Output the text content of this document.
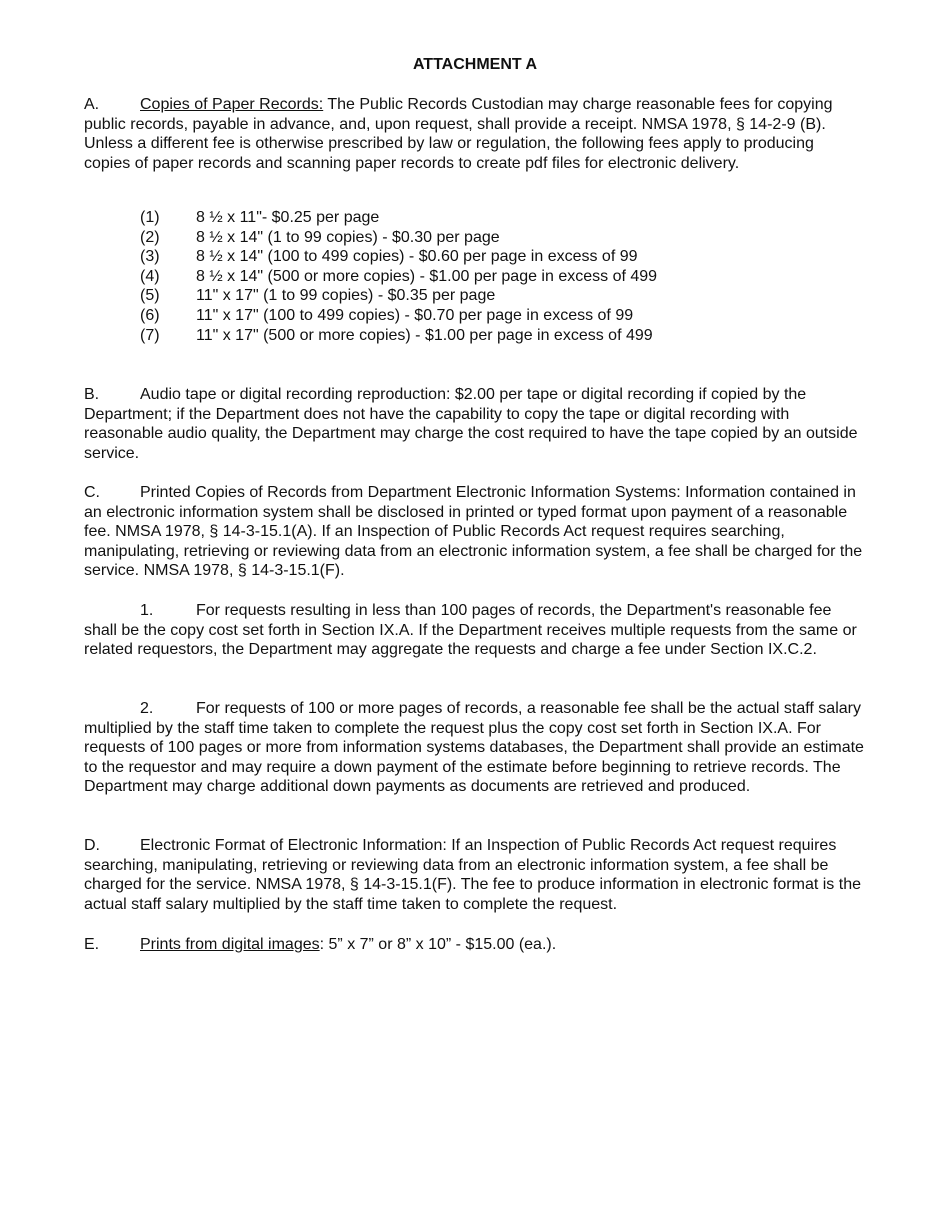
ATTACHMENT A

A.	Copies of Paper Records: The Public Records Custodian may charge reasonable fees for copying public records, payable in advance, and, upon request, shall provide a receipt. NMSA 1978, § 14-2-9 (B). Unless a different fee is otherwise prescribed by law or regulation, the following fees apply to producing copies of paper records and scanning paper records to create pdf files for electronic delivery.

(1)	8 ½ x 11"- $0.25 per page
(2)	8 ½ x 14" (1 to 99 copies) - $0.30 per page
(3)	8 ½ x 14" (100 to 499 copies) - $0.60 per page in excess of 99
(4)	8 ½ x 14" (500 or more copies) - $1.00 per page in excess of 499
(5)	11" x 17" (1 to 99 copies) - $0.35 per page
(6)	11" x 17" (100 to 499 copies) - $0.70 per page in excess of 99
(7)	11" x 17" (500 or more copies) - $1.00 per page in excess of 499

B.	Audio tape or digital recording reproduction: $2.00 per tape or digital recording if copied by the Department; if the Department does not have the capability to copy the tape or digital recording with reasonable audio quality, the Department may charge the cost required to have the tape copied by an outside service.

C.	Printed Copies of Records from Department Electronic Information Systems: Information contained in an electronic information system shall be disclosed in printed or typed format upon payment of a reasonable fee. NMSA 1978, § 14-3-15.1(A). If an Inspection of Public Records Act request requires searching, manipulating, retrieving or reviewing data from an electronic information system, a fee shall be charged for the service. NMSA 1978, § 14-3-15.1(F).

1.	For requests resulting in less than 100 pages of records, the Department's reasonable fee shall be the copy cost set forth in Section IX.A. If the Department receives multiple requests from the same or related requestors, the Department may aggregate the requests and charge a fee under Section IX.C.2.

2.	For requests of 100 or more pages of records, a reasonable fee shall be the actual staff salary multiplied by the staff time taken to complete the request plus the copy cost set forth in Section IX.A. For requests of 100 pages or more from information systems databases, the Department shall provide an estimate to the requestor and may require a down payment of the estimate before beginning to retrieve records. The Department may charge additional down payments as documents are retrieved and produced.

D.	Electronic Format of Electronic Information: If an Inspection of Public Records Act request requires searching, manipulating, retrieving or reviewing data from an electronic information system, a fee shall be charged for the service. NMSA 1978, § 14-3-15.1(F). The fee to produce information in electronic format is the actual staff salary multiplied by the staff time taken to complete the request.

E.	Prints from digital images: 5” x 7” or 8” x 10” - $15.00 (ea.).
